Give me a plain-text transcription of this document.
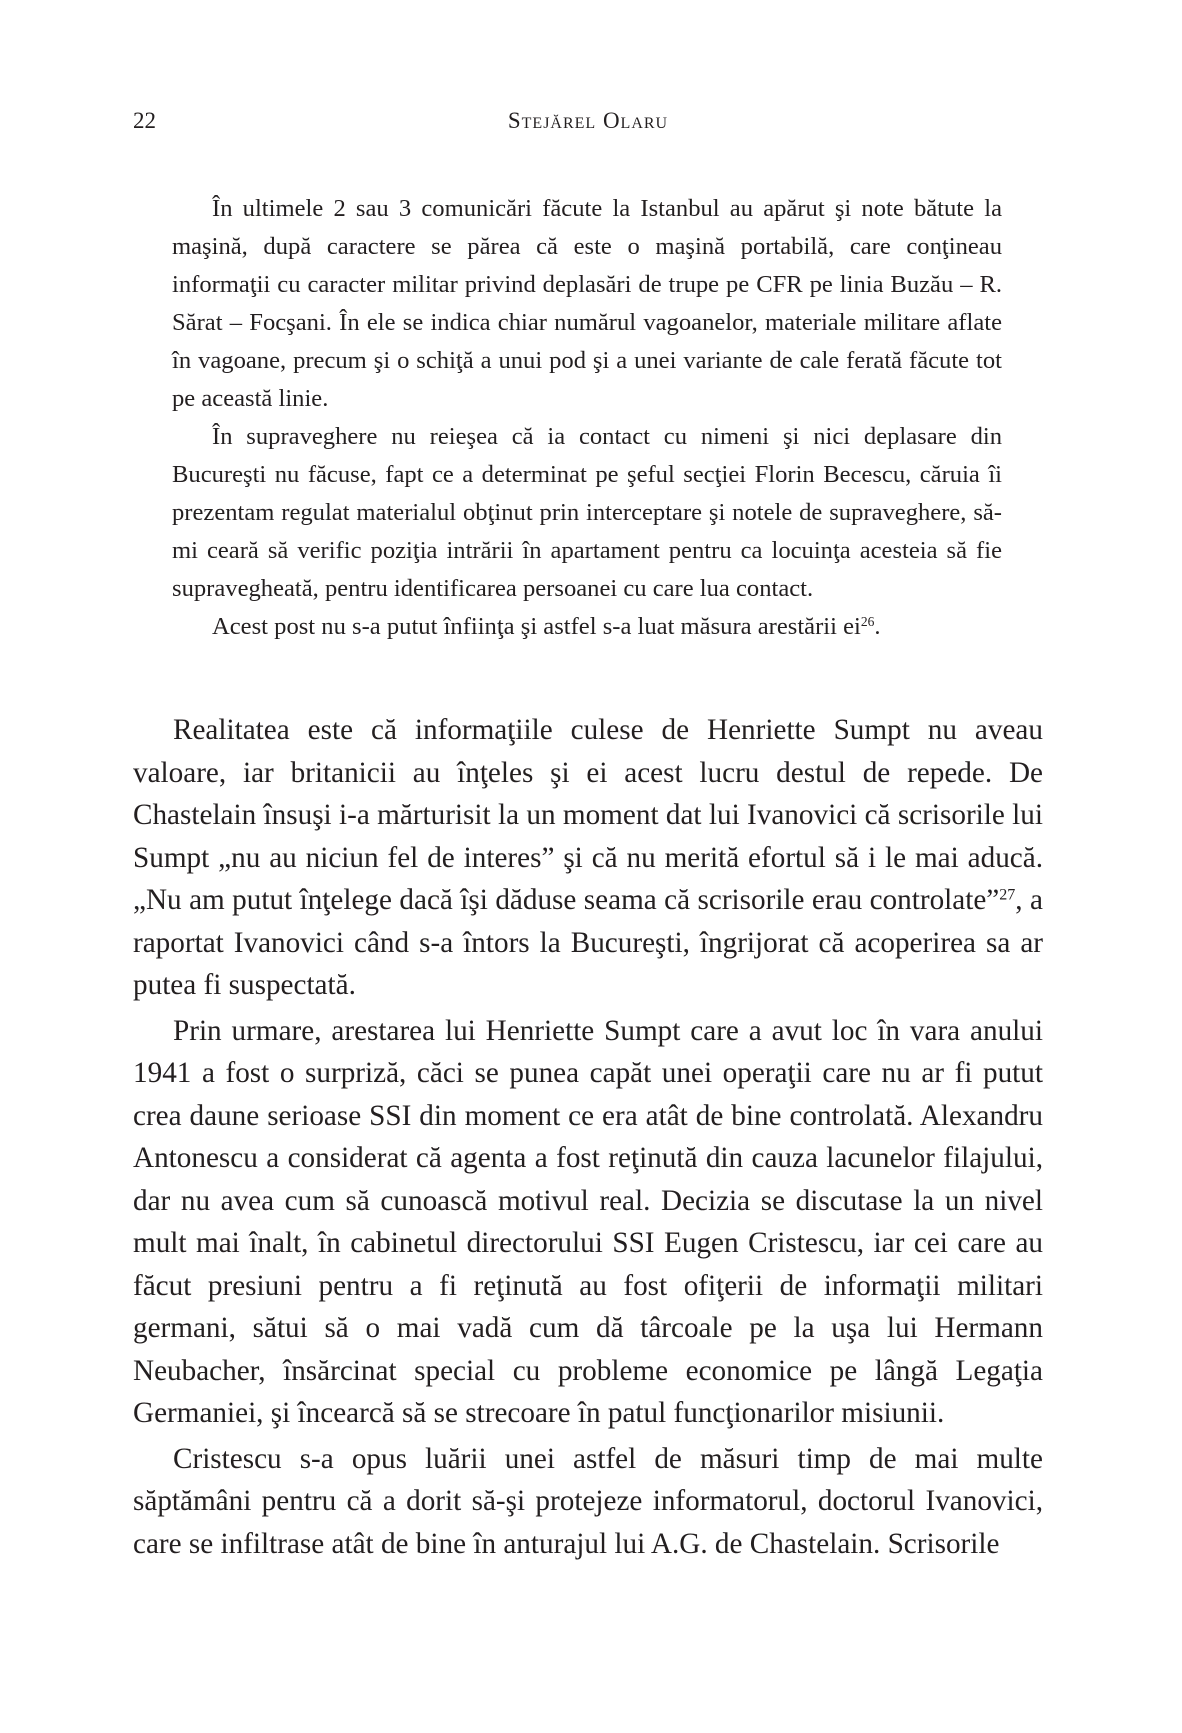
22	Stejărel Olaru

În ultimele 2 sau 3 comunicări făcute la Istanbul au apărut şi note bătute la maşină, după caractere se părea că este o maşină portabilă, care conţineau informaţii cu caracter militar privind deplasări de trupe pe CFR pe linia Buzău – R. Sărat – Focşani. În ele se indica chiar numărul vagoanelor, materiale militare aflate în vagoane, precum şi o schiţă a unui pod şi a unei variante de cale ferată făcute tot pe această linie.

În supraveghere nu reieşea că ia contact cu nimeni şi nici deplasare din Bucureşti nu făcuse, fapt ce a determinat pe şeful secţiei Florin Becescu, căruia îi prezentam regulat materialul obţinut prin interceptare şi notele de supraveghere, să-mi ceară să verific poziţia intrării în apartament pentru ca locuinţa acesteia să fie supravegheată, pentru identificarea persoanei cu care lua contact.

Acest post nu s-a putut înfiinţa şi astfel s-a luat măsura arestării $ei^{26}$.

Realitatea este că informaţiile culese de Henriette Sumpt nu aveau valoare, iar britanicii au înţeles şi ei acest lucru destul de repede. De Chastelain însuşi i-a mărturisit la un moment dat lui Ivanovici că scrisorile lui Sumpt „nu au niciun fel de interes” şi că nu merită efortul să i le mai aducă. „Nu am putut înţelege dacă îşi dăduse seama că scrisorile erau controlate”$^{27}$, a raportat Ivanovici când s-a întors la Bucureşti, îngrijorat că acoperirea sa ar putea fi suspectată.

Prin urmare, arestarea lui Henriette Sumpt care a avut loc în vara anului 1941 a fost o surpriză, căci se punea capăt unei operaţii care nu ar fi putut crea daune serioase SSI din moment ce era atât de bine controlată. Alexandru Antonescu a considerat că agenta a fost reţinută din cauza lacunelor filajului, dar nu avea cum să cunoască motivul real. Decizia se discutase la un nivel mult mai înalt, în cabinetul directorului SSI Eugen Cristescu, iar cei care au făcut presiuni pentru a fi reţinută au fost ofiţerii de informaţii militari germani, sătui să o mai vadă cum dă târcoale pe la uşa lui Hermann Neubacher, însărcinat special cu probleme economice pe lângă Legaţia Germaniei, şi încearcă să se strecoare în patul funcţionarilor misiunii.

Cristescu s-a opus luării unei astfel de măsuri timp de mai multe săptămâni pentru că a dorit să-şi protejeze informatorul, doctorul Ivanovici, care se infiltrase atât de bine în anturajul lui A.G. de Chastelain. Scrisorile
